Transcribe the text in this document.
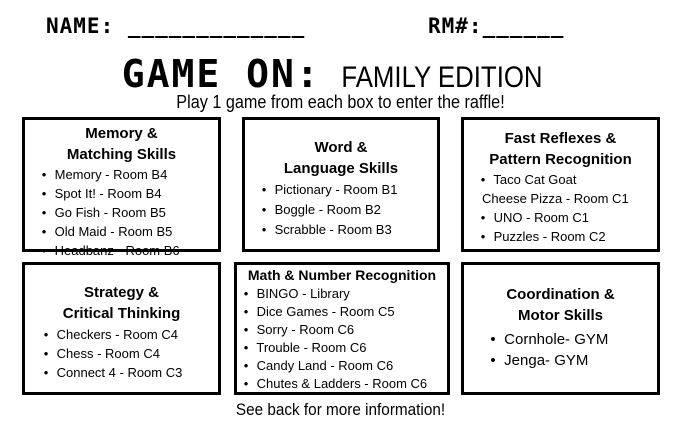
NAME: _____________	RM#:______
GAME ON: FAMILY EDITION
Play 1 game from each box to enter the raffle!
Memory &
Matching Skills
• Memory - Room B4
• Spot It! - Room B4
• Go Fish - Room B5
• Old Maid - Room B5
• Headbanz - Room B6
Word &
Language Skills
• Pictionary - Room B1
• Boggle - Room B2
• Scrabble - Room B3
Fast Reflexes &
Pattern Recognition
• Taco Cat Goat
Cheese Pizza - Room C1
• UNO - Room C1
• Puzzles - Room C2
Strategy &
Critical Thinking
• Checkers - Room C4
• Chess - Room C4
• Connect 4 - Room C3
Math & Number Recognition
• BINGO - Library
• Dice Games - Room C5
• Sorry - Room C6
• Trouble - Room C6
• Candy Land - Room C6
• Chutes & Ladders - Room C6
Coordination &
Motor Skills
• Cornhole- GYM
• Jenga- GYM
See back for more information!
